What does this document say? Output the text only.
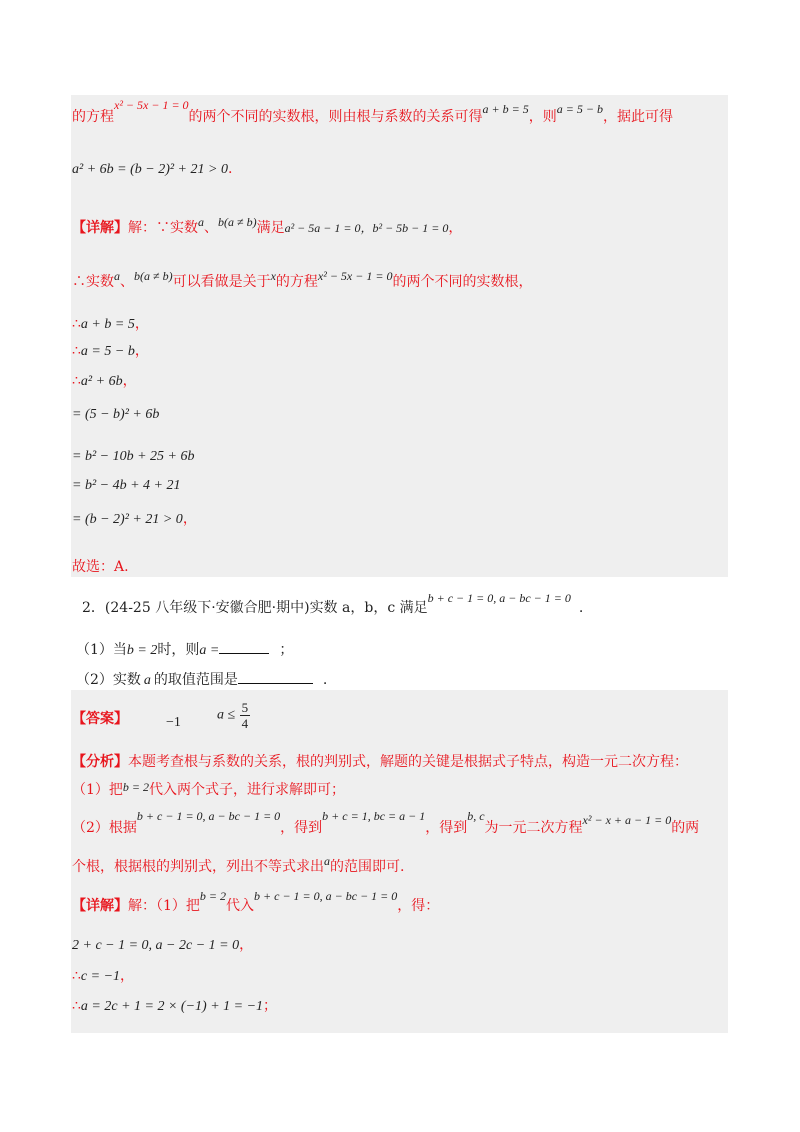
的方程x² − 5x − 1 = 0的两个不同的实数根，则由根与系数的关系可得a + b = 5，则a = 5 − b，据此可得
a² + 6b = (b − 2)² + 21 > 0.
【详解】解：∵实数a、b(a ≠ b)满足a² − 5a − 1 = 0，b² − 5b − 1 = 0，
∴实数a、b(a ≠ b)可以看做是关于x的方程x² − 5x − 1 = 0的两个不同的实数根，
∴a + b = 5，
∴a = 5 − b，
∴a² + 6b，
= (5 − b)² + 6b
= b² − 10b + 25 + 6b
= b² − 4b + 4 + 21
= (b − 2)² + 21 > 0，
故选：A.
2．(24-25 八年级下·安徽合肥·期中)实数 a，b，c 满足b + c − 1 = 0, a − bc − 1 = 0.
（1）当b = 2时，则a =	；
（2）实数 a 的取值范围是	.
【答案】	−1	$a \le \frac{5}{4}$
【分析】本题考查根与系数的关系，根的判别式，解题的关键是根据式子特点，构造一元二次方程：
（1）把b = 2代入两个式子，进行求解即可；
（2）根据b + c − 1 = 0, a − bc − 1 = 0，得到b + c = 1, bc = a − 1，得到b, c为一元二次方程x² − x + a − 1 = 0的两
个根，根据根的判别式，列出不等式求出a的范围即可.
【详解】解：（1）把b = 2代入b + c − 1 = 0, a − bc − 1 = 0，得：
2 + c − 1 = 0, a − 2c − 1 = 0，
∴c = −1，
∴a = 2c + 1 = 2 × (−1) + 1 = −1；
